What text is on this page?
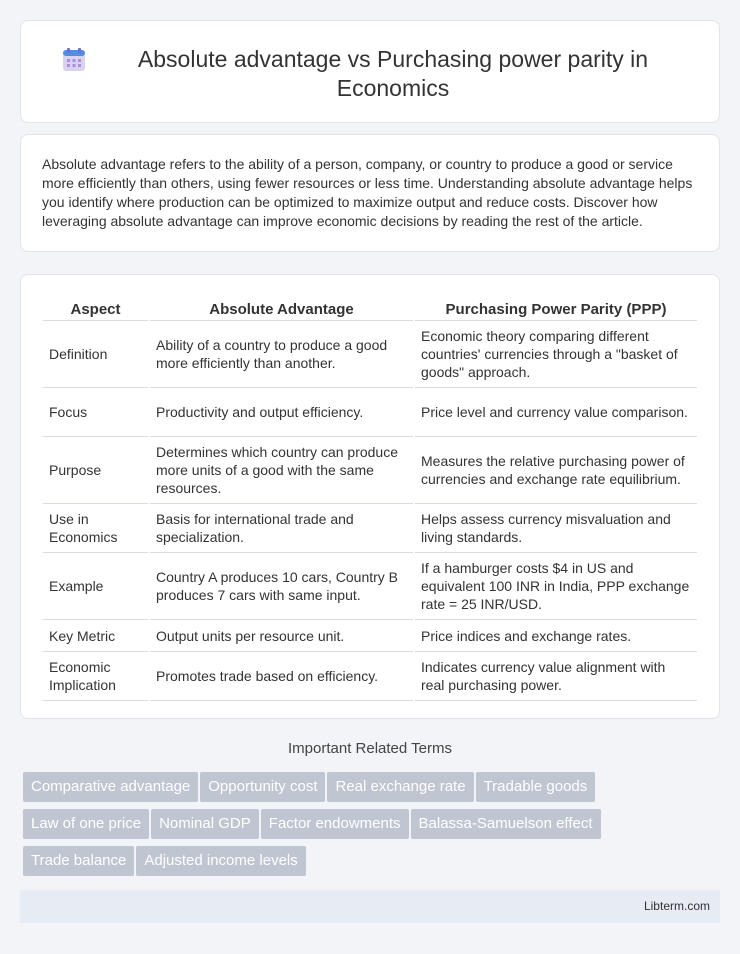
Absolute advantage vs Purchasing power parity in Economics

Absolute advantage refers to the ability of a person, company, or country to produce a good or service more efficiently than others, using fewer resources or less time. Understanding absolute advantage helps you identify where production can be optimized to maximize output and reduce costs. Discover how leveraging absolute advantage can improve economic decisions by reading the rest of the article.

Aspect	Absolute Advantage	Purchasing Power Parity (PPP)
Definition	Ability of a country to produce a good more efficiently than another.	Economic theory comparing different countries' currencies through a "basket of goods" approach.
Focus	Productivity and output efficiency.	Price level and currency value comparison.
Purpose	Determines which country can produce more units of a good with the same resources.	Measures the relative purchasing power of currencies and exchange rate equilibrium.
Use in Economics	Basis for international trade and specialization.	Helps assess currency misvaluation and living standards.
Example	Country A produces 10 cars, Country B produces 7 cars with same input.	If a hamburger costs $4 in US and equivalent 100 INR in India, PPP exchange rate = 25 INR/USD.
Key Metric	Output units per resource unit.	Price indices and exchange rates.
Economic Implication	Promotes trade based on efficiency.	Indicates currency value alignment with real purchasing power.
Important Related Terms
Comparative advantage Opportunity cost Real exchange rate Tradable goods
Law of one price Nominal GDP Factor endowments Balassa-Samuelson effect
Trade balance Adjusted income levels
Libterm.com
